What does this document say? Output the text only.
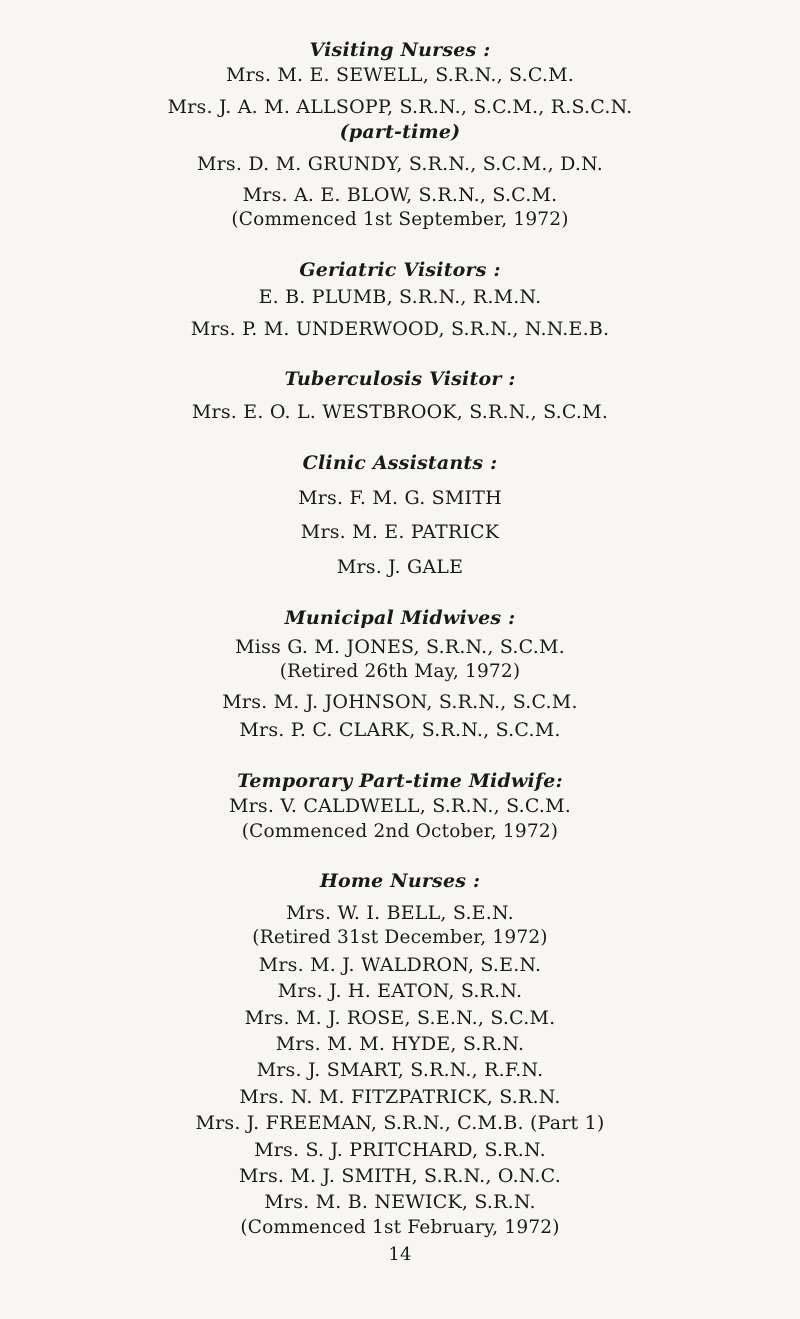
Visiting Nurses :
Mrs. M. E. SEWELL, S.R.N., S.C.M.
Mrs. J. A. M. ALLSOPP, S.R.N., S.C.M., R.S.C.N.
(part-time)
Mrs. D. M. GRUNDY, S.R.N., S.C.M., D.N.
Mrs. A. E. BLOW, S.R.N., S.C.M.
(Commenced 1st September, 1972)
Geriatric Visitors :
E. B. PLUMB, S.R.N., R.M.N.
Mrs. P. M. UNDERWOOD, S.R.N., N.N.E.B.
Tuberculosis Visitor :
Mrs. E. O. L. WESTBROOK, S.R.N., S.C.M.
Clinic Assistants :
Mrs. F. M. G. SMITH
Mrs. M. E. PATRICK
Mrs. J. GALE
Municipal Midwives :
Miss G. M. JONES, S.R.N., S.C.M.
(Retired 26th May, 1972)
Mrs. M. J. JOHNSON, S.R.N., S.C.M.
Mrs. P. C. CLARK, S.R.N., S.C.M.
Temporary Part-time Midwife:
Mrs. V. CALDWELL, S.R.N., S.C.M.
(Commenced 2nd October, 1972)
Home Nurses :
Mrs. W. I. BELL, S.E.N.
(Retired 31st December, 1972)
Mrs. M. J. WALDRON, S.E.N.
Mrs. J. H. EATON, S.R.N.
Mrs. M. J. ROSE, S.E.N., S.C.M.
Mrs. M. M. HYDE, S.R.N.
Mrs. J. SMART, S.R.N., R.F.N.
Mrs. N. M. FITZPATRICK, S.R.N.
Mrs. J. FREEMAN, S.R.N., C.M.B. (Part 1)
Mrs. S. J. PRITCHARD, S.R.N.
Mrs. M. J. SMITH, S.R.N., O.N.C.
Mrs. M. B. NEWICK, S.R.N.
(Commenced 1st February, 1972)
14
